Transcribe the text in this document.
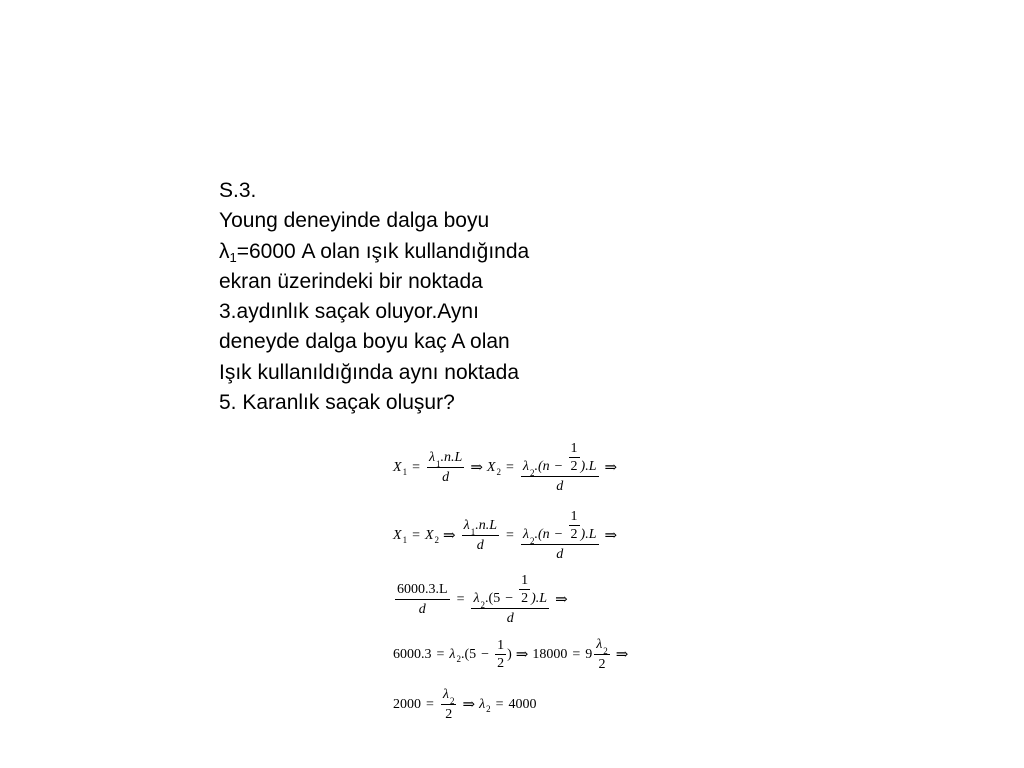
S.3.
Young deneyinde dalga boyu
$\lambda_1=6000$ A olan ışık kullandığında
ekran üzerindeki bir noktada
3.aydınlık saçak oluyor.Aynı
deneyde dalga boyu kaç A olan
Işık kullanıldığında aynı noktada
5. Karanlık saçak oluşur?
X $1 = \frac{\lambda 1 .n.L}{d}$ ⇒ X $2 = \frac{\lambda 2 .(n - \frac{1}{2} ).L}{d}$ ⇒
X 1 = X 2 ⇒ $\frac{\lambda 1 .n.L}{d} = \frac{\lambda 2 .(n - \frac{1}{2} ).L}{d}$ ⇒
$\frac{6000.3.L}{d} = \frac{\lambda 2 .(5 - \frac{1}{2} ).L}{d}$ ⇒
6000.3 = λ 2 $.(5 - \frac{1}{2}$ ) ⇒ $18000 = 9 \frac{\lambda 2}{2}$ ⇒
$2000 = \frac{\lambda 2}{2}$ ⇒ λ 2 = 4000
